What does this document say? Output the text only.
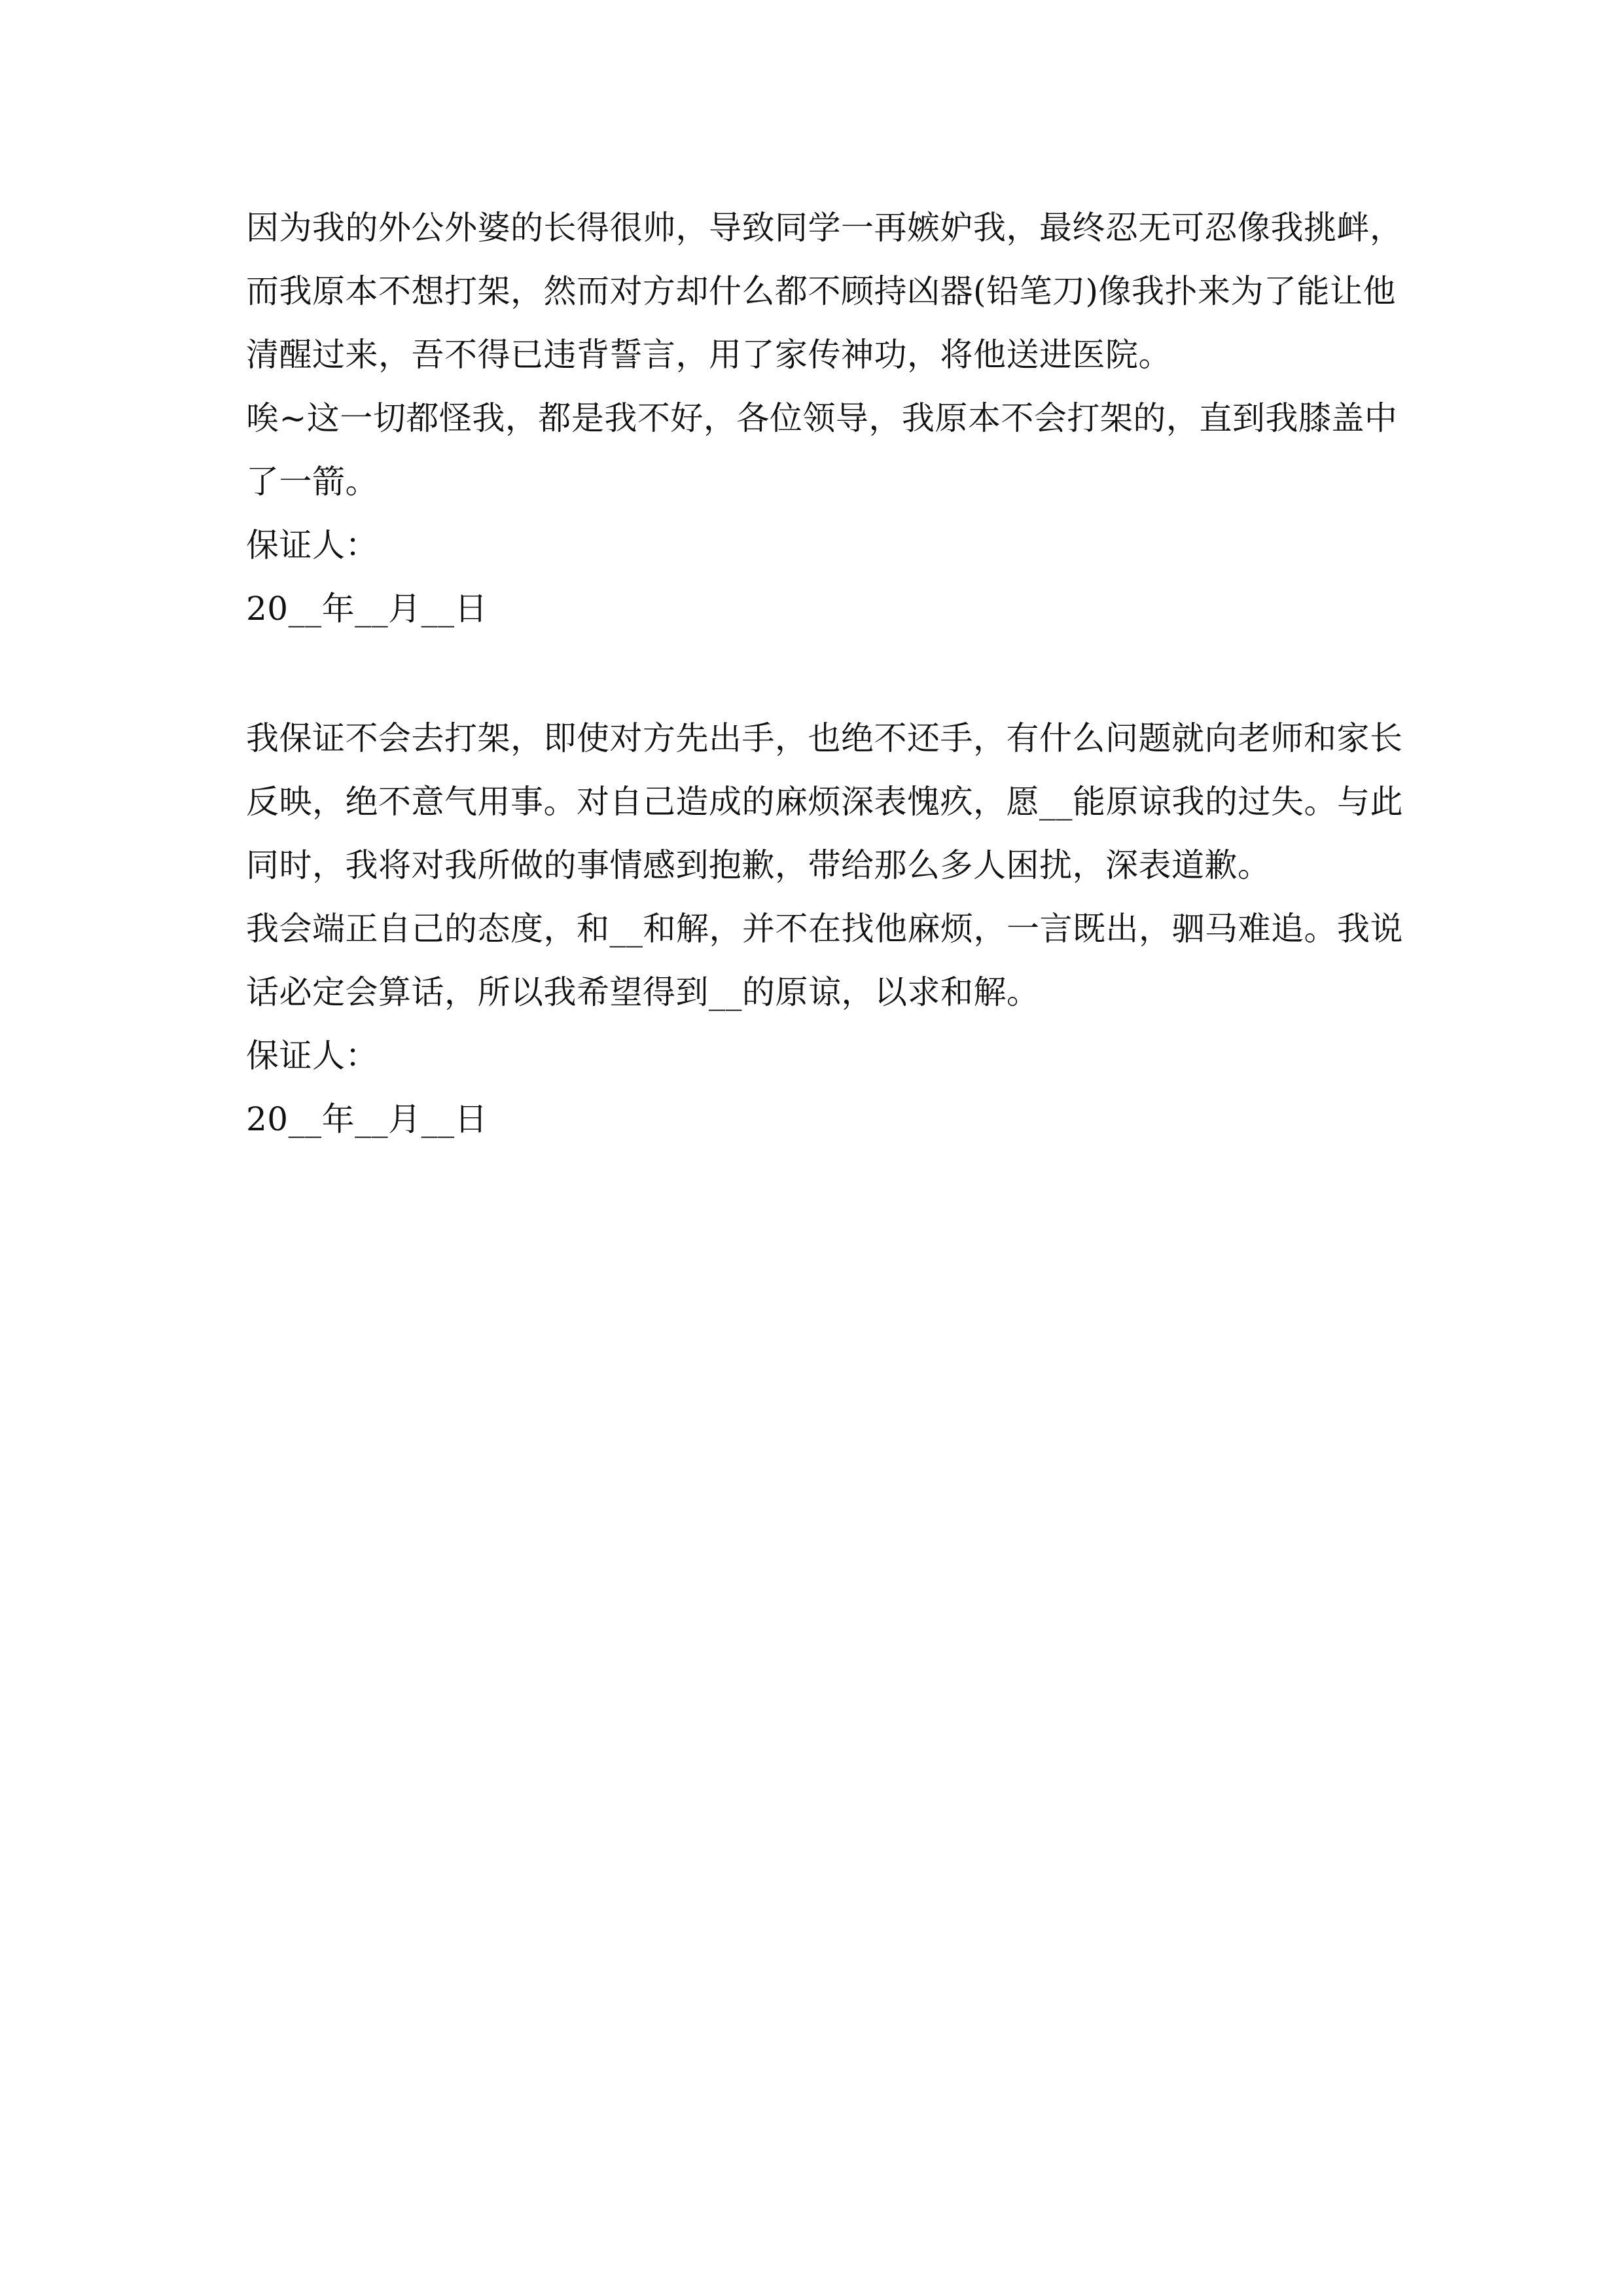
因为我的外公外婆的长得很帅，导致同学一再嫉妒我，最终忍无可忍像我挑衅，
而我原本不想打架，然而对方却什么都不顾持凶器(铅笔刀)像我扑来为了能让他
清醒过来，吾不得已违背誓言，用了家传神功，将他送进医院。
唉~这一切都怪我，都是我不好，各位领导，我原本不会打架的，直到我膝盖中
了一箭。
保证人：
20__年__月__日
我保证不会去打架，即使对方先出手，也绝不还手，有什么问题就向老师和家长
反映，绝不意气用事。对自己造成的麻烦深表愧疚，愿__能原谅我的过失。与此
同时，我将对我所做的事情感到抱歉，带给那么多人困扰，深表道歉。
我会端正自己的态度，和__和解，并不在找他麻烦，一言既出，驷马难追。我说
话必定会算话，所以我希望得到__的原谅，以求和解。
保证人：
20__年__月__日
